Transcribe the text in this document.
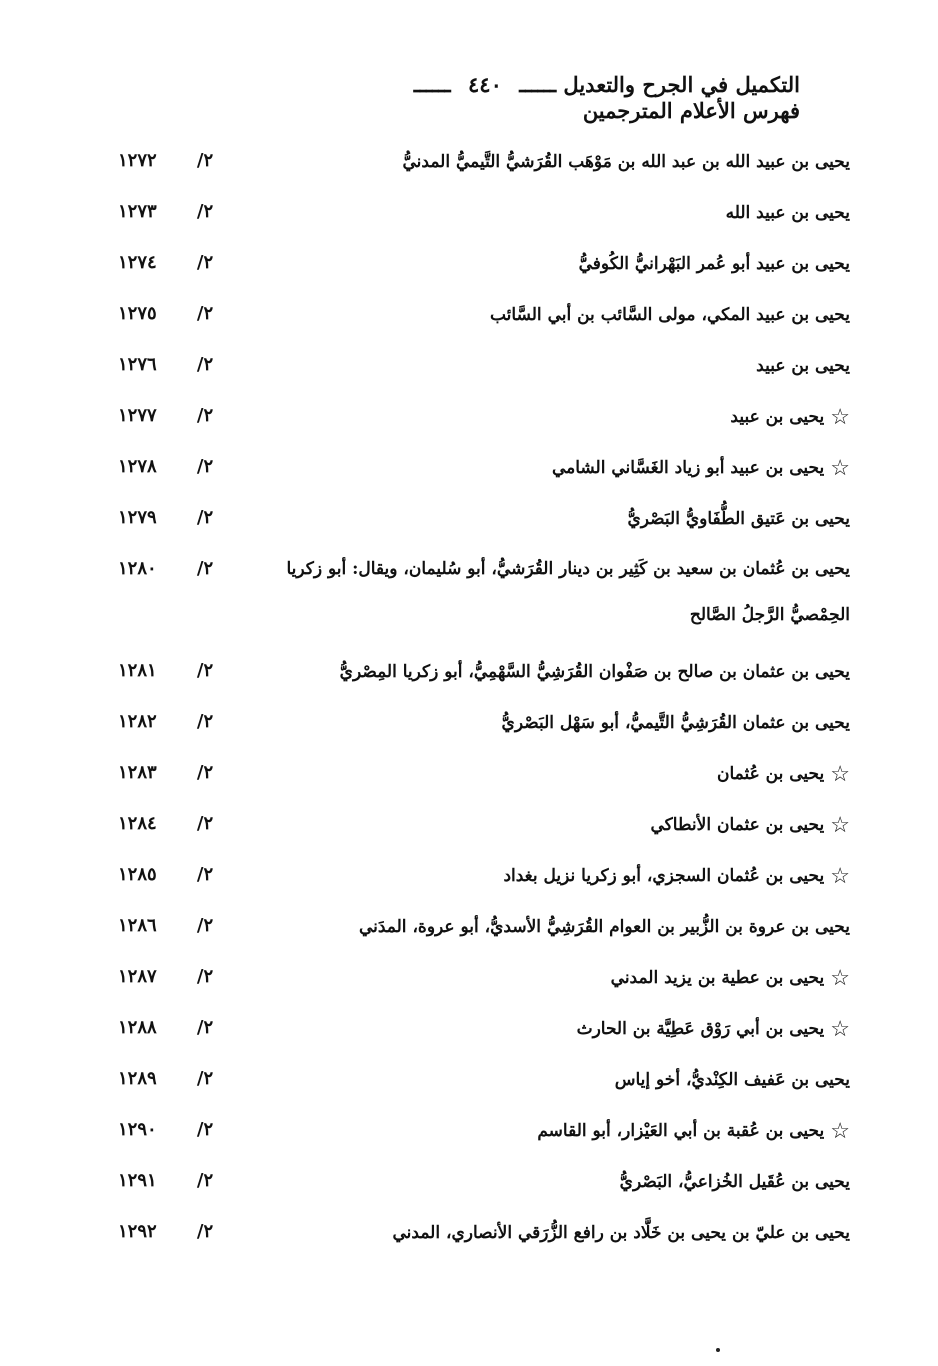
التكميل في الجرح والتعديل ــــــ ٤٤٠ ــــــ
فهرس الأعلام المترجمين
يحيى بن عبيد الله بن عبد الله بن مَوْهَب القُرَشيُّ التَّيميُّ المدنيُّ
٢/
١٢٧٢
يحيى بن عبيد الله
٢/
١٢٧٣
يحيى بن عبيد أبو عُمر البَهْرانيُّ الكُوفيُّ
٢/
١٢٧٤
يحيى بن عبيد المكي، مولى السَّائب بن أبي السَّائب
٢/
١٢٧٥
يحيى بن عبيد
٢/
١٢٧٦
☆يحيى بن عبيد
٢/
١٢٧٧
☆يحيى بن عبيد أبو زياد الغَسَّاني الشامي
٢/
١٢٧٨
يحيى بن عَتيق الطُّفَاويُّ البَصْريُّ
٢/
١٢٧٩
يحيى بن عُثمان بن سعيد بن كَثِير بن دينار القُرَشيُّ، أبو سُليمان، ويقال: أبو زكريا الحِمْصيُّ الرَّجلُ الصَّالح
٢/
١٢٨٠
يحيى بن عثمان بن صالح بن صَفْوان القُرَشِيُّ السَّهْمِيُّ، أبو زكريا المِصْريُّ
٢/
١٢٨١
يحيى بن عثمان القُرَشِيُّ التَّيميُّ، أبو سَهْل البَصْريُّ
٢/
١٢٨٢
☆يحيى بن عُثمان
٢/
١٢٨٣
☆يحيى بن عثمان الأنطاكي
٢/
١٢٨٤
☆يحيى بن عُثمان السجزي، أبو زكريا نزيل بغداد
٢/
١٢٨٥
يحيى بن عروة بن الزُّبير بن العوام القُرَشِيُّ الأسديُّ، أبو عروة، المدَني
٢/
١٢٨٦
☆يحيى بن عطية بن يزيد المدني
٢/
١٢٨٧
☆يحيى بن أبي رَوْق عَطِيَّة بن الحارث
٢/
١٢٨٨
يحيى بن عَفيف الكِنْديُّ، أخو إياس
٢/
١٢٨٩
☆يحيى بن عُقبة بن أبي العَيْزار، أبو القاسم
٢/
١٢٩٠
يحيى بن عُقَيل الخُزاعيُّ، البَصْريُّ
٢/
١٢٩١
يحيى بن عليّ بن يحيى بن خَلَّاد بن رافع الزُّرَقي الأنصاري، المدني
٢/
١٢٩٢
